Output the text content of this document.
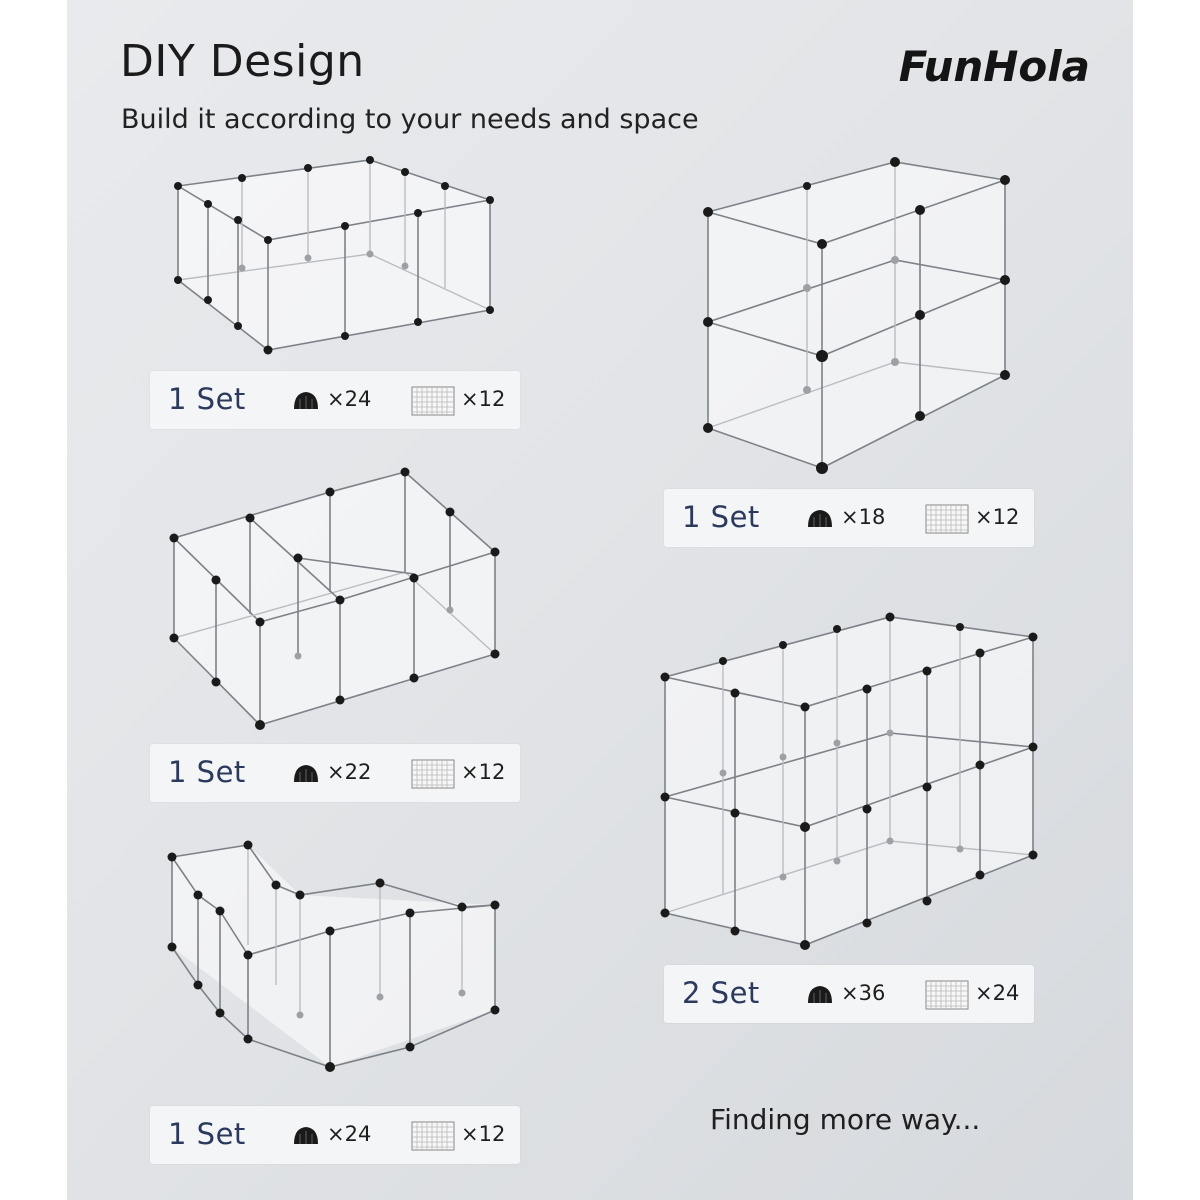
DIY Design
Build it according to your needs and space
FunHola
1 Set	×24	×12
1 Set	×18	×12
1 Set	×22	×12
2 Set	×36	×24
1 Set	×24	×12	Finding more way...
